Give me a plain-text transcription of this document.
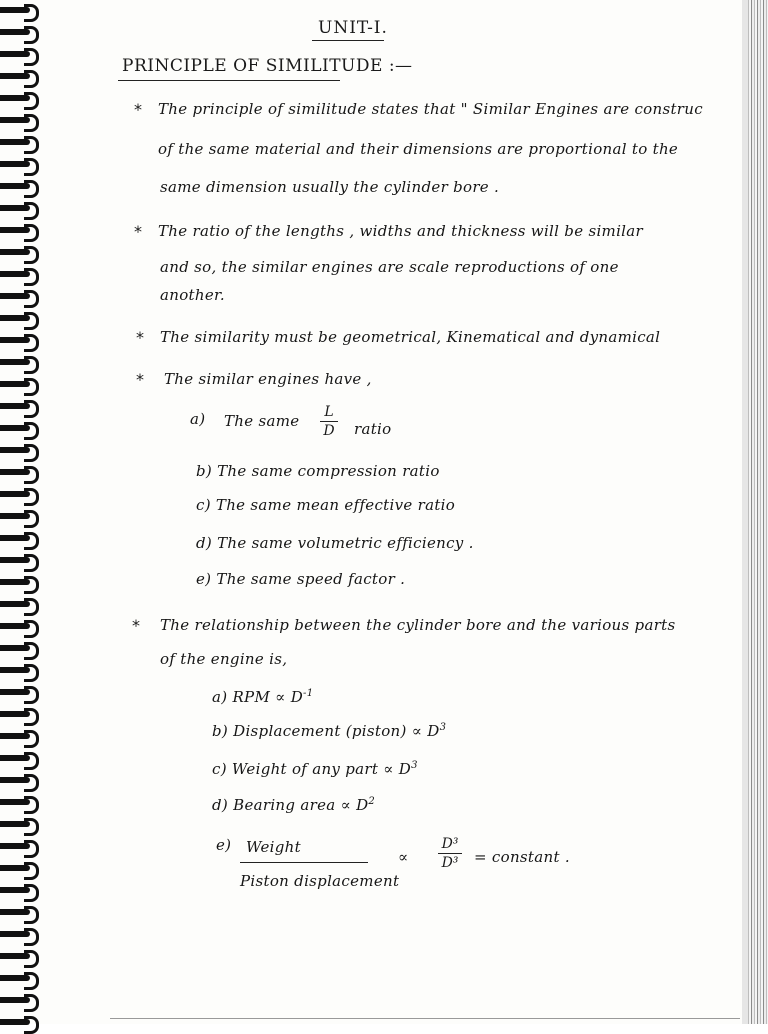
UNIT-I.
PRINCIPLE OF SIMILITUDE :—
* The principle of similitude states that " Similar Engines are construc
of the same material and their dimensions are proportional to the
same dimension usually the cylinder bore .
* The ratio of the lengths , widths and thickness will be similar
and so, the similar engines are scale reproductions of one
another.
* The similarity must be geometrical, Kinematical and dynamical
* The similar engines have ,
a) The same	L
D ratio
b) The same compression ratio
c) The same mean effective ratio
d) The same volumetric efficiency .
e) The same speed factor .
* The relationship between the cylinder bore and the various parts
of the engine is,
a) RPM ∝ $D^{-1}$
b) Displacement (piston) ∝ $D^3$
c) Weight of any part ∝ $D^3$
d) Bearing area ∝ $D^2$
e) Weight
Piston displacement
∝
D³
D³ = constant .
